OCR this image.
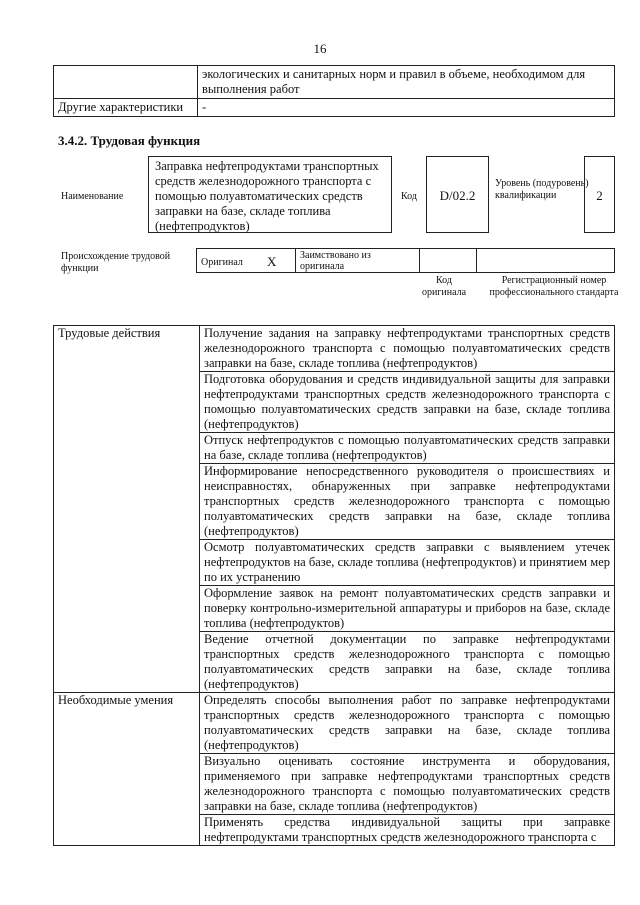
16
	экологических и санитарных норм и правил в объеме, необходимом для выполнения работ
Другие характеристики	-
3.4.2. Трудовая функция
Наименование
Заправка нефтепродуктами транспортных средств железнодорожного транспорта с помощью полуавтоматических средств заправки на базе, складе топлива (нефтепродуктов)
Код	D/02.2
Уровень (подуровень) квалификации	2
Происхождение трудовой функции
Оригинал X	Заимствовано из оригинала
Код оригинала
Регистрационный номер профессионального стандарта
Трудовые действия	Получение задания на заправку нефтепродуктами транспортных средств железнодорожного транспорта с помощью полуавтоматических средств заправки на базе, складе топлива (нефтепродуктов)
	Подготовка оборудования и средств индивидуальной защиты для заправки нефтепродуктами транспортных средств железнодорожного транспорта с помощью полуавтоматических средств заправки на базе, складе топлива (нефтепродуктов)
	Отпуск нефтепродуктов с помощью полуавтоматических средств заправки на базе, складе топлива (нефтепродуктов)
	Информирование непосредственного руководителя о происшествиях и неисправностях, обнаруженных при заправке нефтепродуктами транспортных средств железнодорожного транспорта с помощью полуавтоматических средств заправки на базе, складе топлива (нефтепродуктов)
	Осмотр полуавтоматических средств заправки с выявлением утечек нефтепродуктов на базе, складе топлива (нефтепродуктов) и принятием мер по их устранению
	Оформление заявок на ремонт полуавтоматических средств заправки и поверку контрольно-измерительной аппаратуры и приборов на базе, складе топлива (нефтепродуктов)
	Ведение отчетной документации по заправке нефтепродуктами транспортных средств железнодорожного транспорта с помощью полуавтоматических средств заправки на базе, складе топлива (нефтепродуктов)
Необходимые умения	Определять способы выполнения работ по заправке нефтепродуктами транспортных средств железнодорожного транспорта с помощью полуавтоматических средств заправки на базе, складе топлива (нефтепродуктов)
	Визуально оценивать состояние инструмента и оборудования, применяемого при заправке нефтепродуктами транспортных средств железнодорожного транспорта с помощью полуавтоматических средств заправки на базе, складе топлива (нефтепродуктов)
	Применять средства индивидуальной защиты при заправке нефтепродуктами транспортных средств железнодорожного транспорта с
